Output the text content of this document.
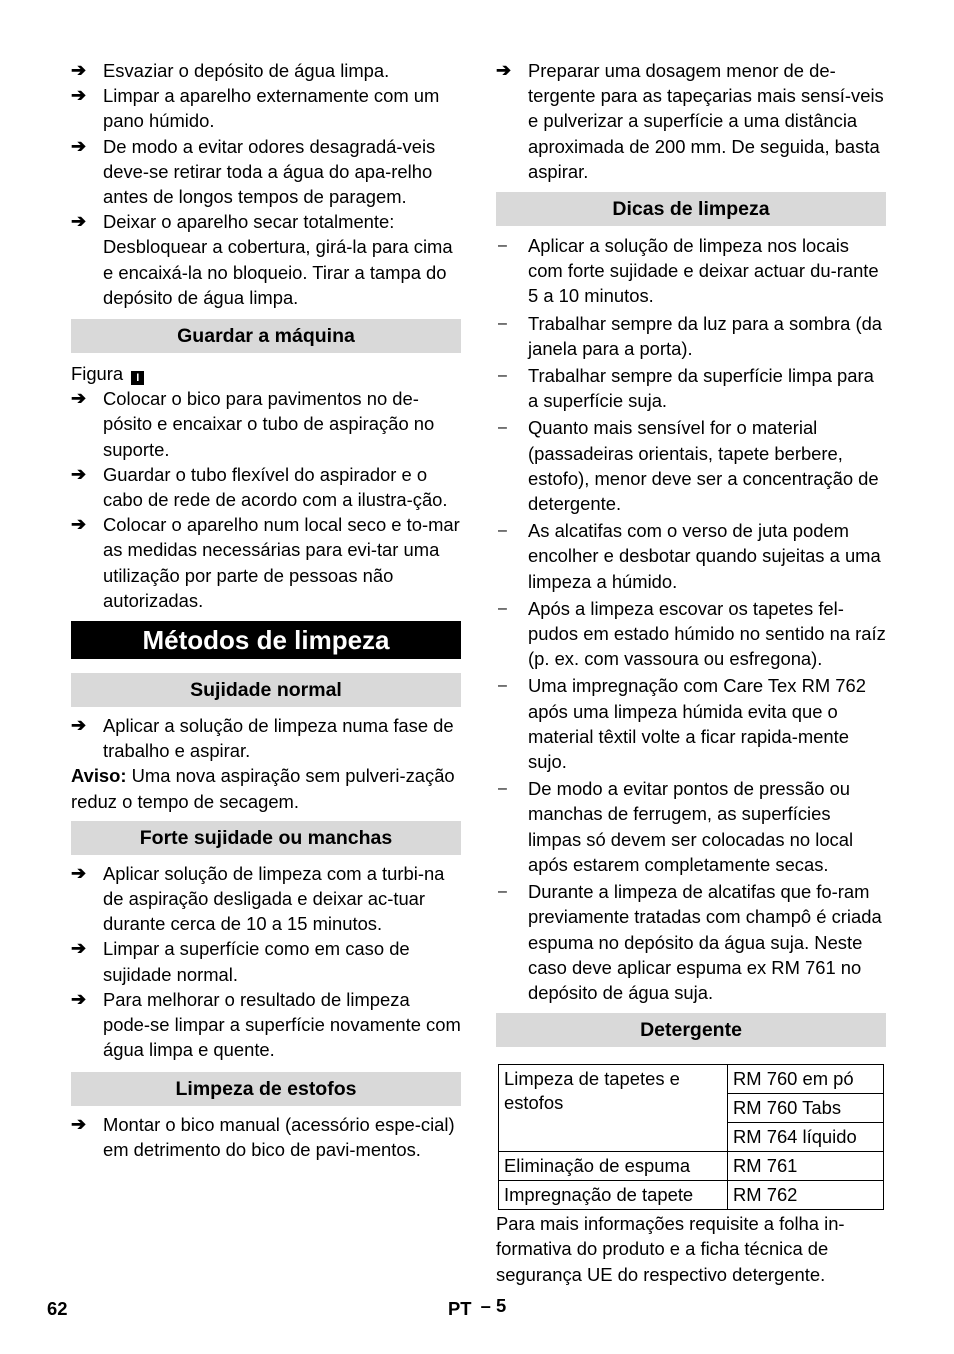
➔ Esvaziar o depósito de água limpa.
➔ Limpar a aparelho externamente com um pano húmido.
➔ De modo a evitar odores desagradá-veis deve-se retirar toda a água do apa-relho antes de longos tempos de paragem.
➔ Deixar o aparelho secar totalmente: Desbloquear a cobertura, girá-la para cima e encaixá-la no bloqueio. Tirar a tampa do depósito de água limpa.
Guardar a máquina
Figura I
➔ Colocar o bico para pavimentos no de-pósito e encaixar o tubo de aspiração no suporte.
➔ Guardar o tubo flexível do aspirador e o cabo de rede de acordo com a ilustra-ção.
➔ Colocar o aparelho num local seco e to-mar as medidas necessárias para evi-tar uma utilização por parte de pessoas não autorizadas.
Métodos de limpeza
Sujidade normal
➔ Aplicar a solução de limpeza numa fase de trabalho e aspirar.
Aviso: Uma nova aspiração sem pulveri-zação reduz o tempo de secagem.
Forte sujidade ou manchas
➔ Aplicar solução de limpeza com a turbi-na de aspiração desligada e deixar ac-tuar durante cerca de 10 a 15 minutos.
➔ Limpar a superfície como em caso de sujidade normal.
➔ Para melhorar o resultado de limpeza pode-se limpar a superfície novamente com água limpa e quente.
Limpeza de estofos
➔ Montar o bico manual (acessório espe-cial) em detrimento do bico de pavi-mentos.
➔ Preparar uma dosagem menor de de-tergente para as tapeçarias mais sensí-veis e pulverizar a superfície a uma distância aproximada de 200 mm. De seguida, basta aspirar.
Dicas de limpeza
– Aplicar a solução de limpeza nos locais com forte sujidade e deixar actuar du-rante 5 a 10 minutos.
– Trabalhar sempre da luz para a sombra (da janela para a porta).
– Trabalhar sempre da superfície limpa para a superfície suja.
– Quanto mais sensível for o material (passadeiras orientais, tapete berbere, estofo), menor deve ser a concentração de detergente.
– As alcatifas com o verso de juta podem encolher e desbotar quando sujeitas a uma limpeza a húmido.
– Após a limpeza escovar os tapetes fel-pudos em estado húmido no sentido na raíz (p. ex. com vassoura ou esfregona).
– Uma impregnação com Care Tex RM 762 após uma limpeza húmida evita que o material têxtil volte a ficar rapida-mente sujo.
– De modo a evitar pontos de pressão ou manchas de ferrugem, as superfícies limpas só devem ser colocadas no local após estarem completamente secas.
– Durante a limpeza de alcatifas que fo-ram previamente tratadas com champô é criada espuma no depósito da água suja. Neste caso deve aplicar espuma ex RM 761 no depósito de água suja.
Detergente
Limpeza de tapetes e estofos	RM 760 em pó
	RM 760 Tabs
	RM 764 líquido
Eliminação de espuma	RM 761
Impregnação de tapete	RM 762
Para mais informações requisite a folha in-formativa do produto e a ficha técnica de segurança UE do respectivo detergente.
62	PT – 5
